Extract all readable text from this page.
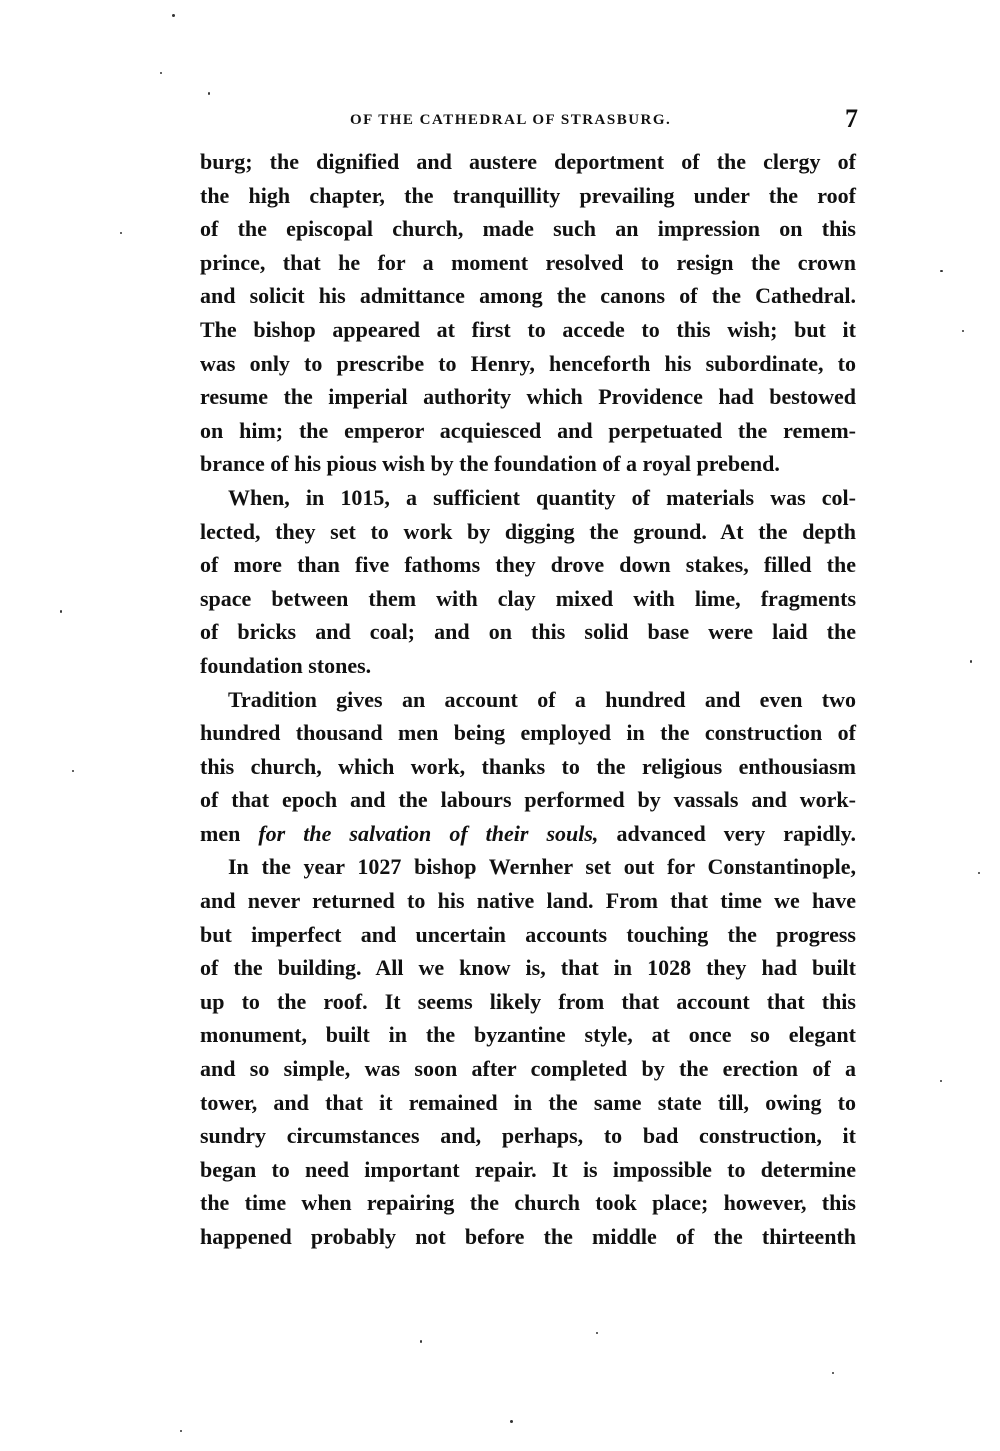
OF THE CATHEDRAL OF STRASBURG.	7
burg; the dignified and austere deportment of the clergy of
the high chapter, the tranquillity prevailing under the roof
of the episcopal church, made such an impression on this
prince, that he for a moment resolved to resign the crown
and solicit his admittance among the canons of the Cathedral.
The bishop appeared at first to accede to this wish; but it
was only to prescribe to Henry, henceforth his subordinate, to
resume the imperial authority which Providence had bestowed
on him; the emperor acquiesced and perpetuated the remem-
brance of his pious wish by the foundation of a royal prebend.
When, in 1015, a sufficient quantity of materials was col-
lected, they set to work by digging the ground. At the depth
of more than five fathoms they drove down stakes, filled the
space between them with clay mixed with lime, fragments
of bricks and coal; and on this solid base were laid the
foundation stones.
Tradition gives an account of a hundred and even two
hundred thousand men being employed in the construction of
this church, which work, thanks to the religious enthousiasm
of that epoch and the labours performed by vassals and work-
men for the salvation of their souls, advanced very rapidly.
In the year 1027 bishop Wernher set out for Constantinople,
and never returned to his native land. From that time we have
but imperfect and uncertain accounts touching the progress
of the building. All we know is, that in 1028 they had built
up to the roof. It seems likely from that account that this
monument, built in the byzantine style, at once so elegant
and so simple, was soon after completed by the erection of a
tower, and that it remained in the same state till, owing to
sundry circumstances and, perhaps, to bad construction, it
began to need important repair. It is impossible to determine
the time when repairing the church took place; however, this
happened probably not before the middle of the thirteenth
